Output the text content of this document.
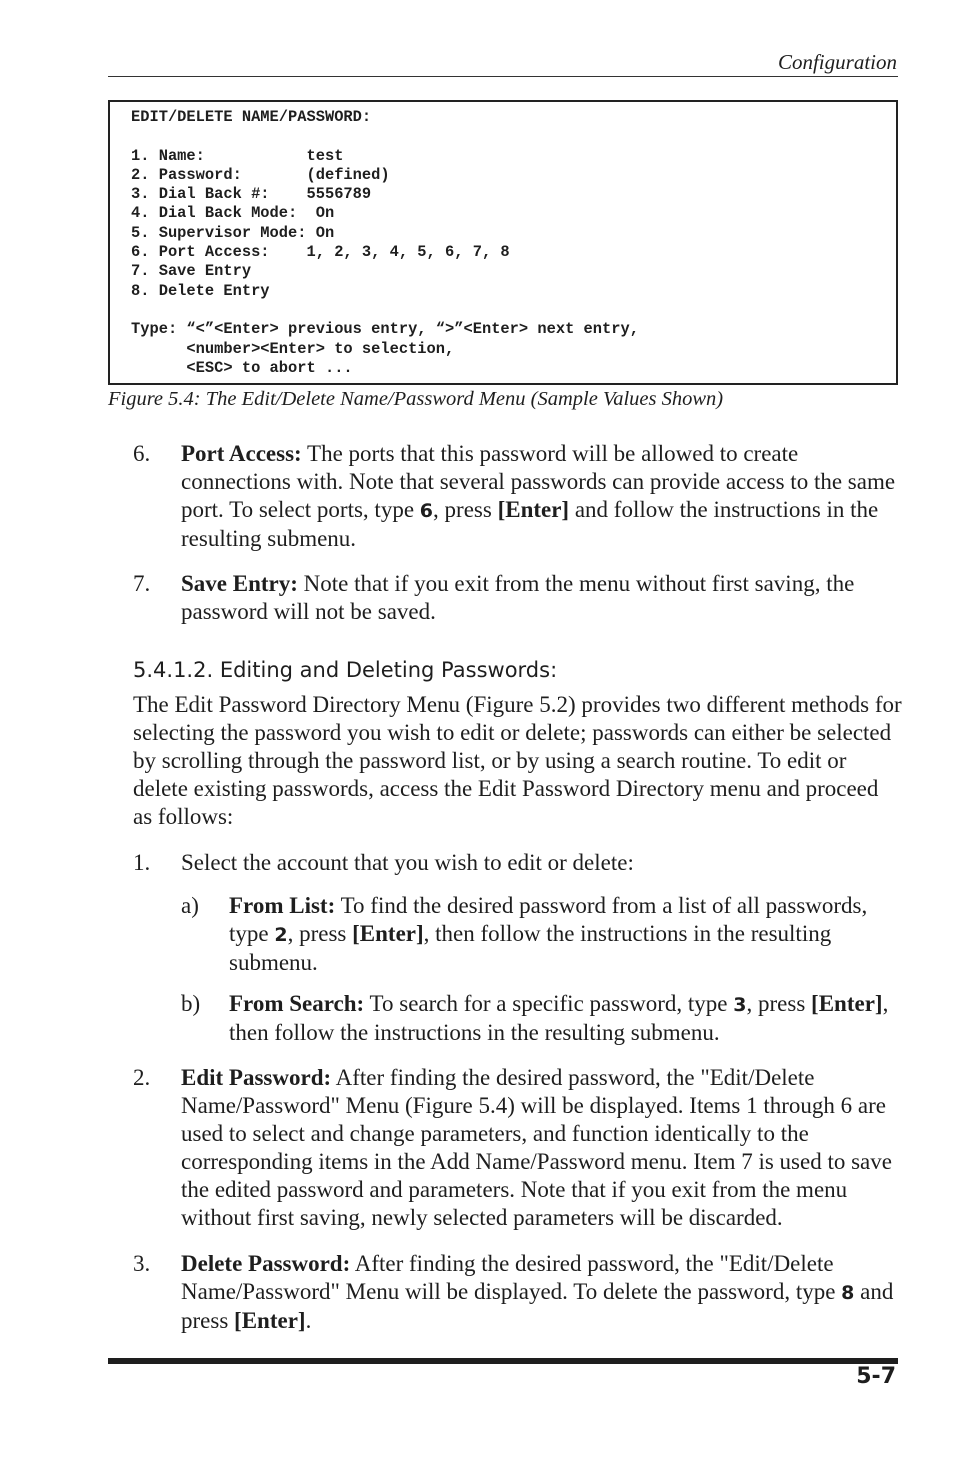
Configuration
EDIT/DELETE NAME/PASSWORD:

1. Name:           test
2. Password:       (defined)
3. Dial Back #:    5556789
4. Dial Back Mode:  On
5. Supervisor Mode: On
6. Port Access:    1, 2, 3, 4, 5, 6, 7, 8
7. Save Entry
8. Delete Entry

Type: “<”<Enter> previous entry, “>”<Enter> next entry,
<number><Enter> to selection,
<ESC> to abort ...
Figure 5.4: The Edit/Delete Name/Password Menu (Sample Values Shown)
6. Port Access: The ports that this password will be allowed to create connections with. Note that several passwords can provide access to the same port. To select ports, type 6, press [Enter] and follow the instructions in the resulting submenu.
7. Save Entry: Note that if you exit from the menu without first saving, the password will not be saved.
5.4.1.2. Editing and Deleting Passwords:
The Edit Password Directory Menu (Figure 5.2) provides two different methods for selecting the password you wish to edit or delete; passwords can either be selected by scrolling through the password list, or by using a search routine. To edit or delete existing passwords, access the Edit Password Directory menu and proceed as follows:
1. Select the account that you wish to edit or delete:
a) From List: To find the desired password from a list of all passwords, type 2, press [Enter], then follow the instructions in the resulting submenu.
b) From Search: To search for a specific password, type 3, press [Enter], then follow the instructions in the resulting submenu.
2. Edit Password: After finding the desired password, the "Edit/Delete Name/Password" Menu (Figure 5.4) will be displayed. Items 1 through 6 are used to select and change parameters, and function identically to the corresponding items in the Add Name/Password menu. Item 7 is used to save the edited password and parameters. Note that if you exit from the menu without first saving, newly selected parameters will be discarded.
3. Delete Password: After finding the desired password, the "Edit/Delete Name/Password" Menu will be displayed. To delete the password, type 8 and press [Enter].
5-7
